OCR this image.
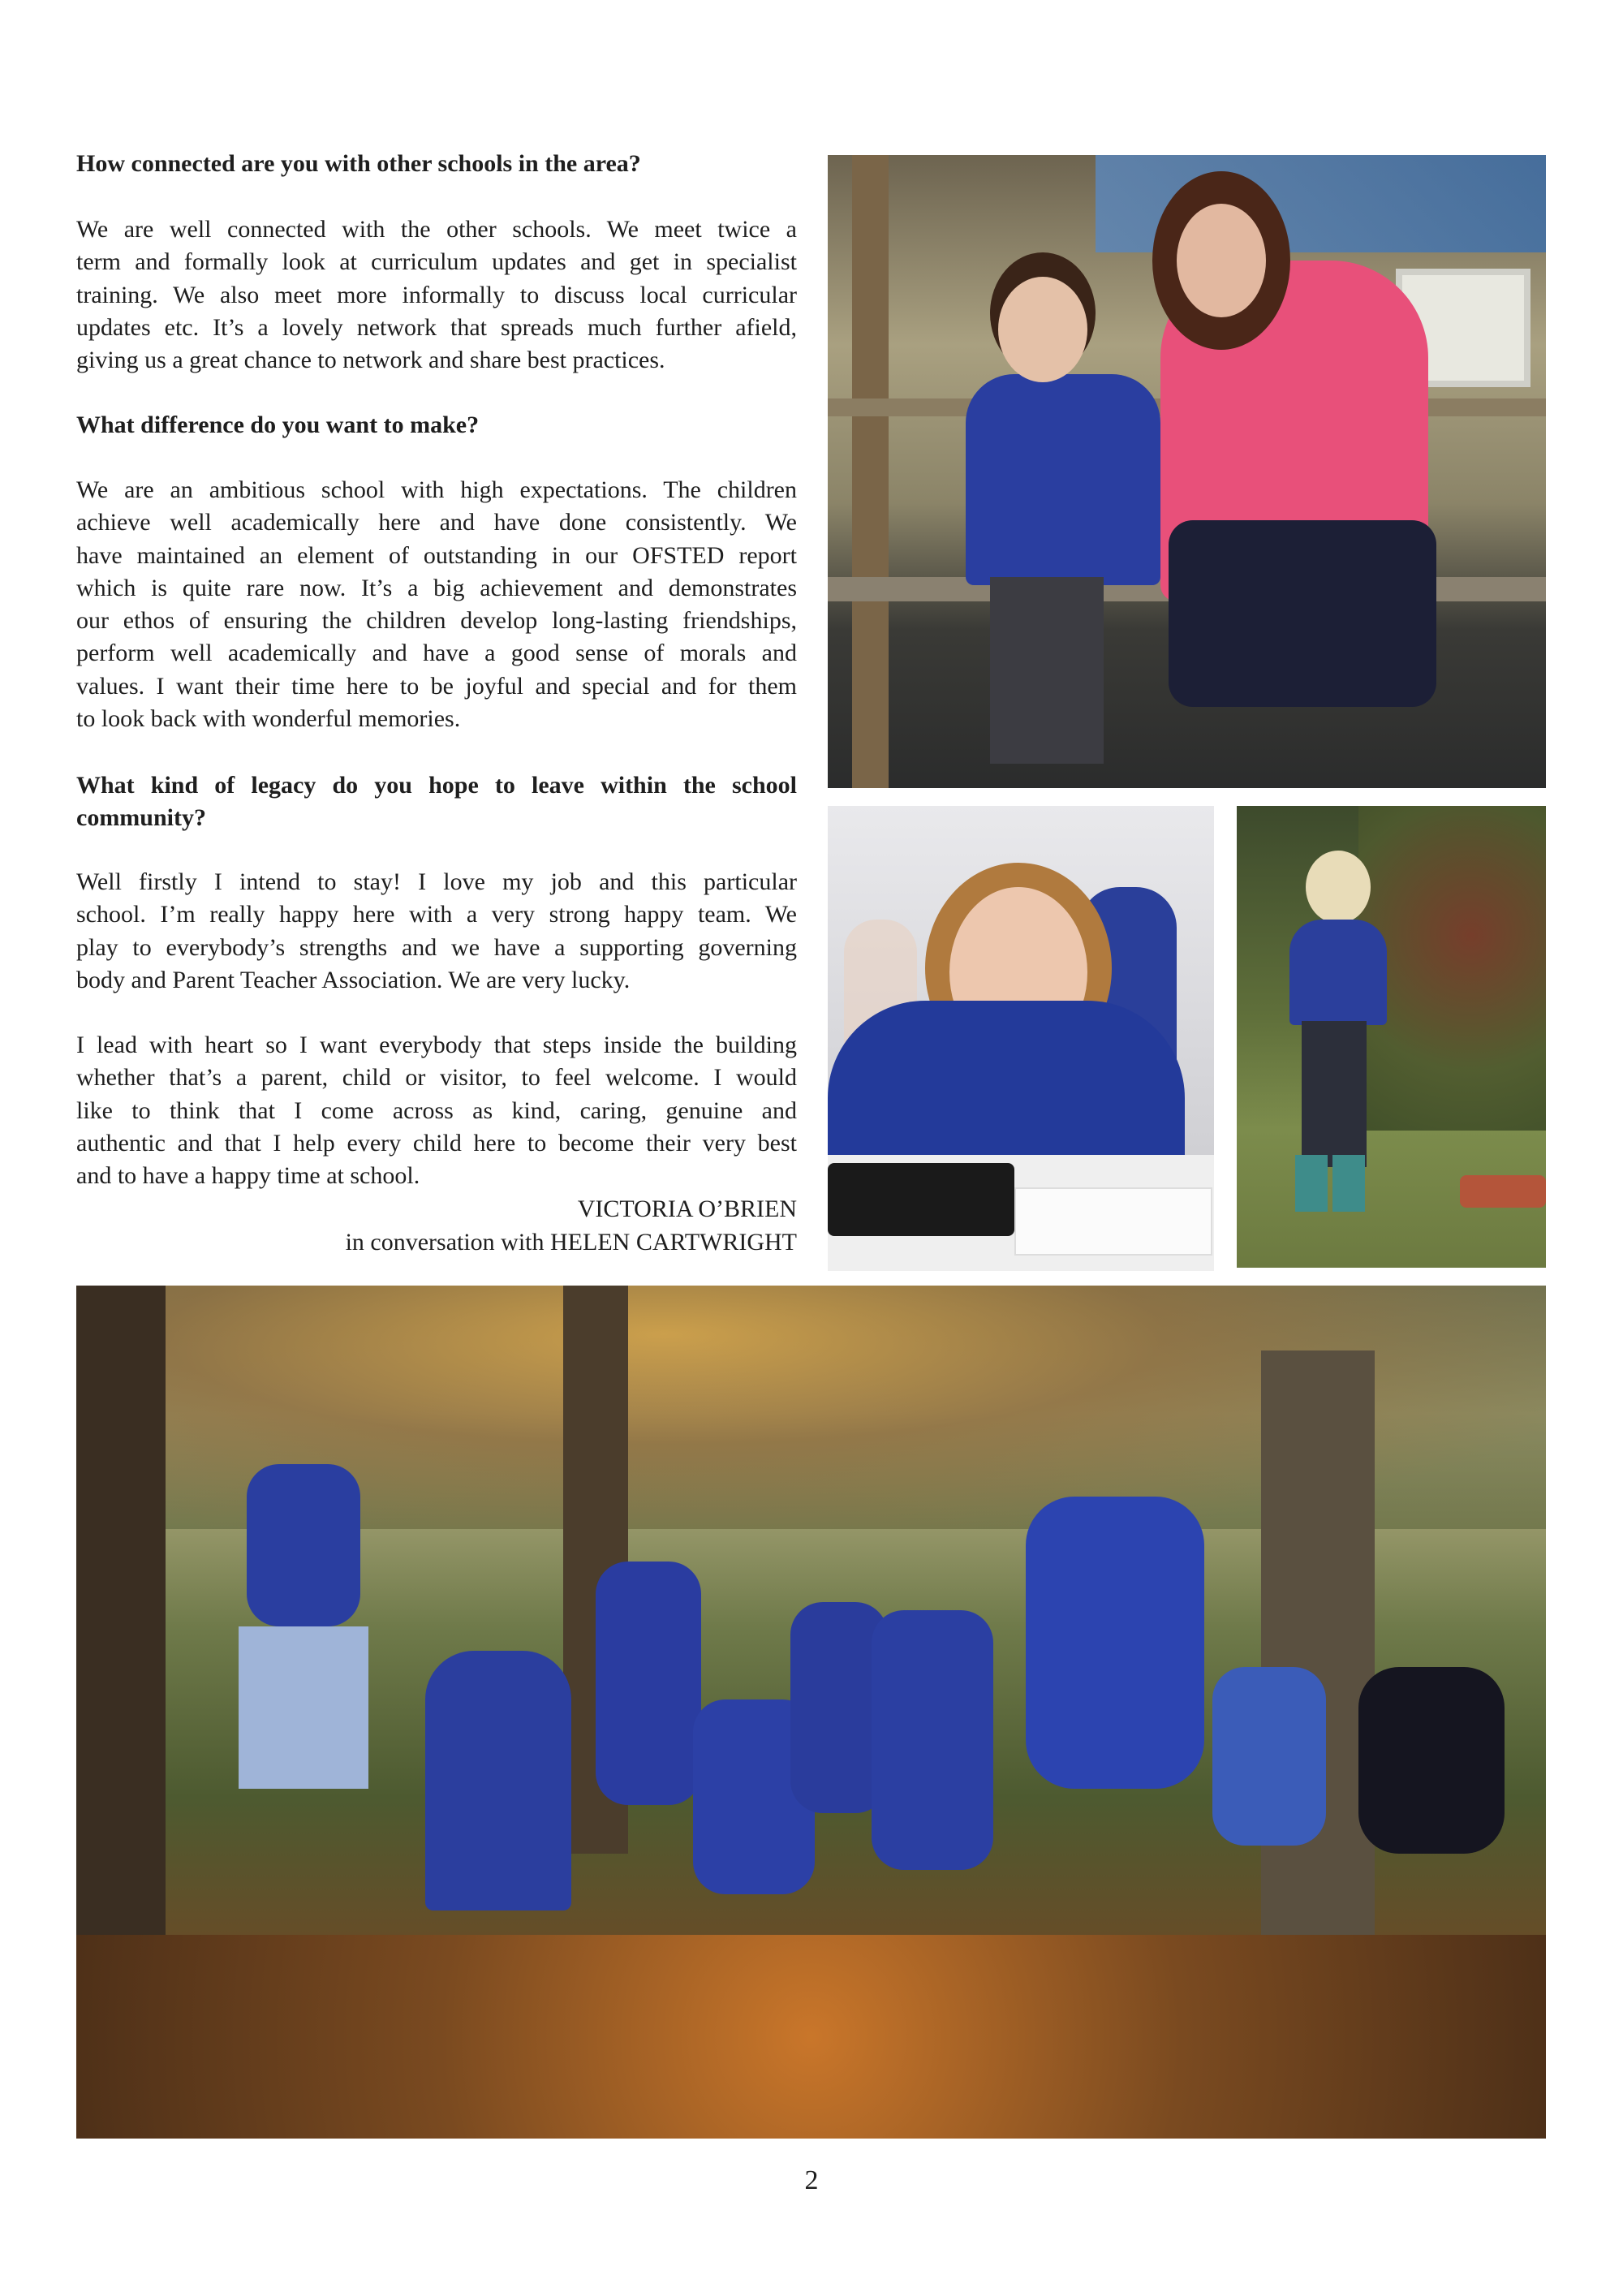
How connected are you with other schools in the area?
We are well connected with the other schools. We meet twice a
term and formally look at curriculum updates and get in specialist
training. We also meet more informally to discuss local curricular
updates etc. It’s a lovely network that spreads much further afield,
giving us a great chance to network and share best practices.
What difference do you want to make?
We are an ambitious school with high expectations. The children
achieve well academically here and have done consistently. We
have maintained an element of outstanding in our OFSTED report
which is quite rare now. It’s a big achievement and demonstrates
our ethos of ensuring the children develop long-lasting friendships,
perform well academically and have a good sense of morals and
values. I want their time here to be joyful and special and for them
to look back with wonderful memories.
What kind of legacy do you hope to leave within the school
community?
Well firstly I intend to stay! I love my job and this particular
school. I’m really happy here with a very strong happy team. We
play to everybody’s strengths and we have a supporting governing
body and Parent Teacher Association. We are very lucky.
I lead with heart so I want everybody that steps inside the building
whether that’s a parent, child or visitor, to feel welcome. I would
like to think that I come across as kind, caring, genuine and
authentic and that I help every child here to become their very best
and to have a happy time at school.
VICTORIA O’BRIEN
in conversation with HELEN CARTWRIGHT
2
